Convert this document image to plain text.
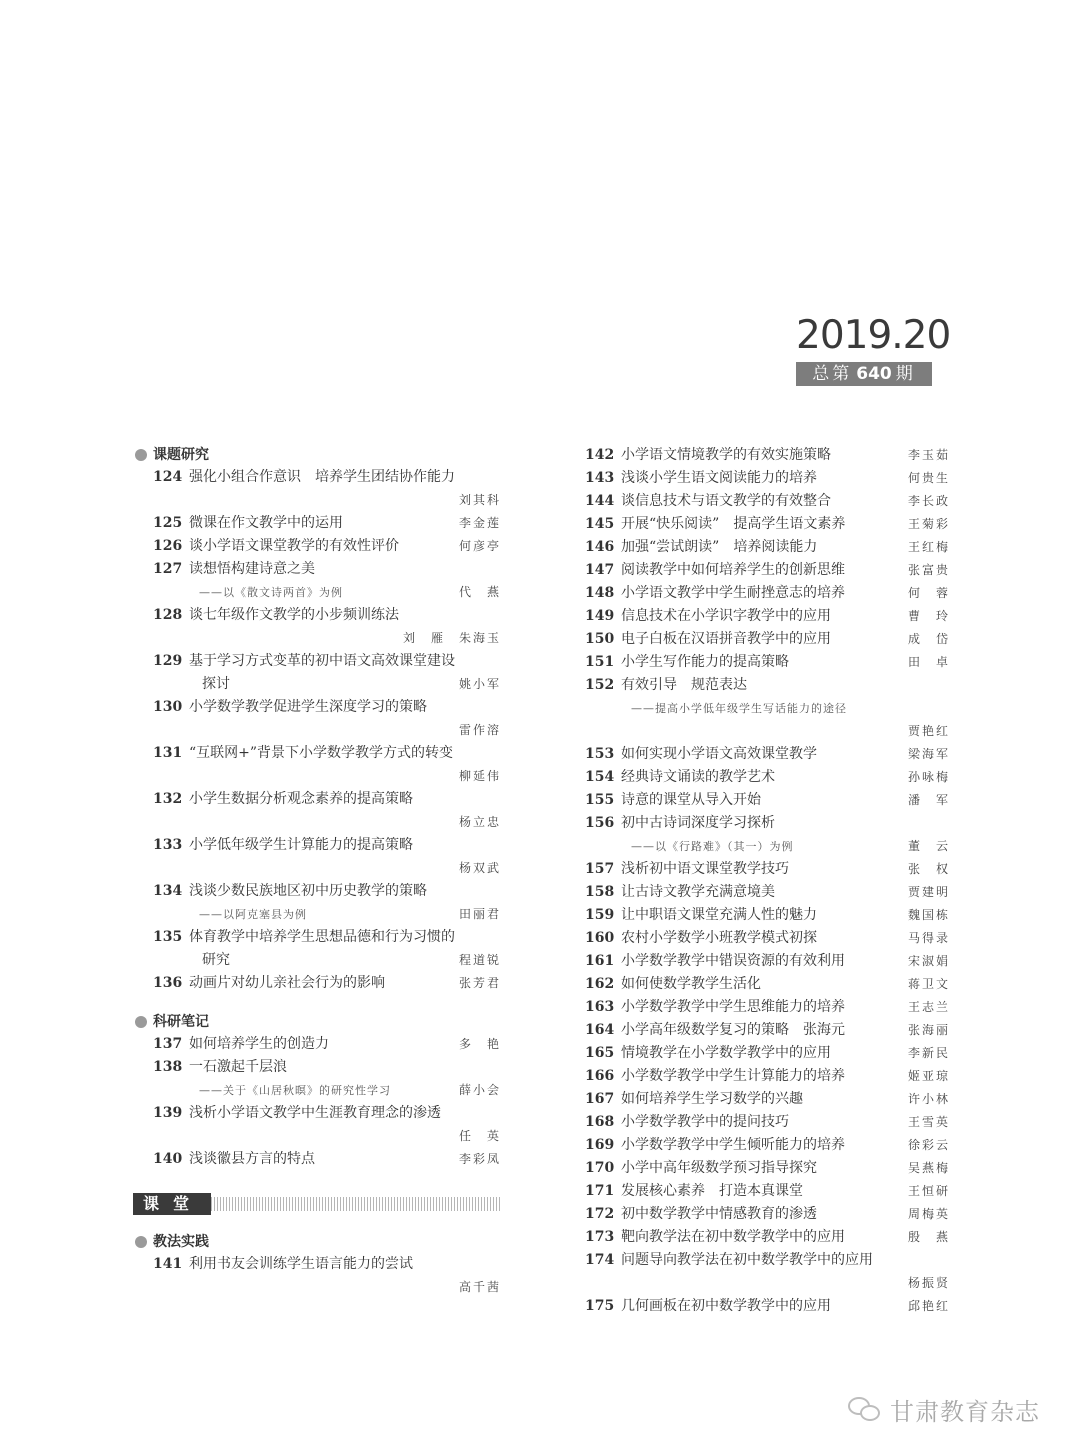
2019.20
总第 640 期
课题研究
124 强化小组合作意识　培养学生团结协作能力
刘其科
125 微课在作文教学中的运用	李金莲
126 谈小学语文课堂教学的有效性评价	何彦亭
127 读想悟构建诗意之美
——以《散文诗两首》为例	代　燕
128 谈七年级作文教学的小步频训练法
刘　雁　朱海玉
129 基于学习方式变革的初中语文高效课堂建设
探讨	姚小军
130 小学数学教学促进学生深度学习的策略
雷作溶
131 “互联网+”背景下小学数学教学方式的转变
柳延伟
132 小学生数据分析观念素养的提高策略
杨立忠
133 小学低年级学生计算能力的提高策略
杨双武
134 浅谈少数民族地区初中历史教学的策略
——以阿克塞县为例	田丽君
135 体育教学中培养学生思想品德和行为习惯的
研究	程道锐
136 动画片对幼儿亲社会行为的影响	张芳君
科研笔记
137 如何培养学生的创造力	多　艳
138 一石激起千层浪
——关于《山居秋暝》的研究性学习	薛小会
139 浅析小学语文教学中生涯教育理念的渗透
任　英
140 浅谈徽县方言的特点	李彩凤
课堂
教法实践
141 利用书友会训练学生语言能力的尝试
高千茜
142 小学语文情境教学的有效实施策略	李玉茹
143 浅谈小学生语文阅读能力的培养	何贵生
144 谈信息技术与语文教学的有效整合	李长政
145 开展“快乐阅读”　提高学生语文素养	王菊彩
146 加强“尝试朗读”　培养阅读能力	王红梅
147 阅读教学中如何培养学生的创新思维	张富贵
148 小学语文教学中学生耐挫意志的培养	何　蓉
149 信息技术在小学识字教学中的应用	曹　玲
150 电子白板在汉语拼音教学中的应用	成　岱
151 小学生写作能力的提高策略	田　卓
152 有效引导　规范表达
——提高小学低年级学生写话能力的途径
贾艳红
153 如何实现小学语文高效课堂教学	梁海军
154 经典诗文诵读的教学艺术	孙咏梅
155 诗意的课堂从导入开始	潘　军
156 初中古诗词深度学习探析
——以《行路难》（其一）为例	董　云
157 浅析初中语文课堂教学技巧	张　权
158 让古诗文教学充满意境美	贾建明
159 让中职语文课堂充满人性的魅力	魏国栋
160 农村小学数学小班教学模式初探	马得录
161 小学数学教学中错误资源的有效利用	宋淑娟
162 如何使数学教学生活化	蒋卫文
163 小学数学教学中学生思维能力的培养	王志兰
164 小学高年级数学复习的策略　张海元	张海丽
165 情境教学在小学数学教学中的应用	李新民
166 小学数学教学中学生计算能力的培养	姬亚琼
167 如何培养学生学习数学的兴趣	许小林
168 小学数学教学中的提问技巧	王雪英
169 小学数学教学中学生倾听能力的培养	徐彩云
170 小学中高年级数学预习指导探究	吴燕梅
171 发展核心素养　打造本真课堂	王恒研
172 初中数学教学中情感教育的渗透	周梅英
173 靶向教学法在初中数学教学中的应用	殷　燕
174 问题导向教学法在初中数学教学中的应用
杨振贤
175 几何画板在初中数学教学中的应用	邱艳红
甘肃教育杂志
